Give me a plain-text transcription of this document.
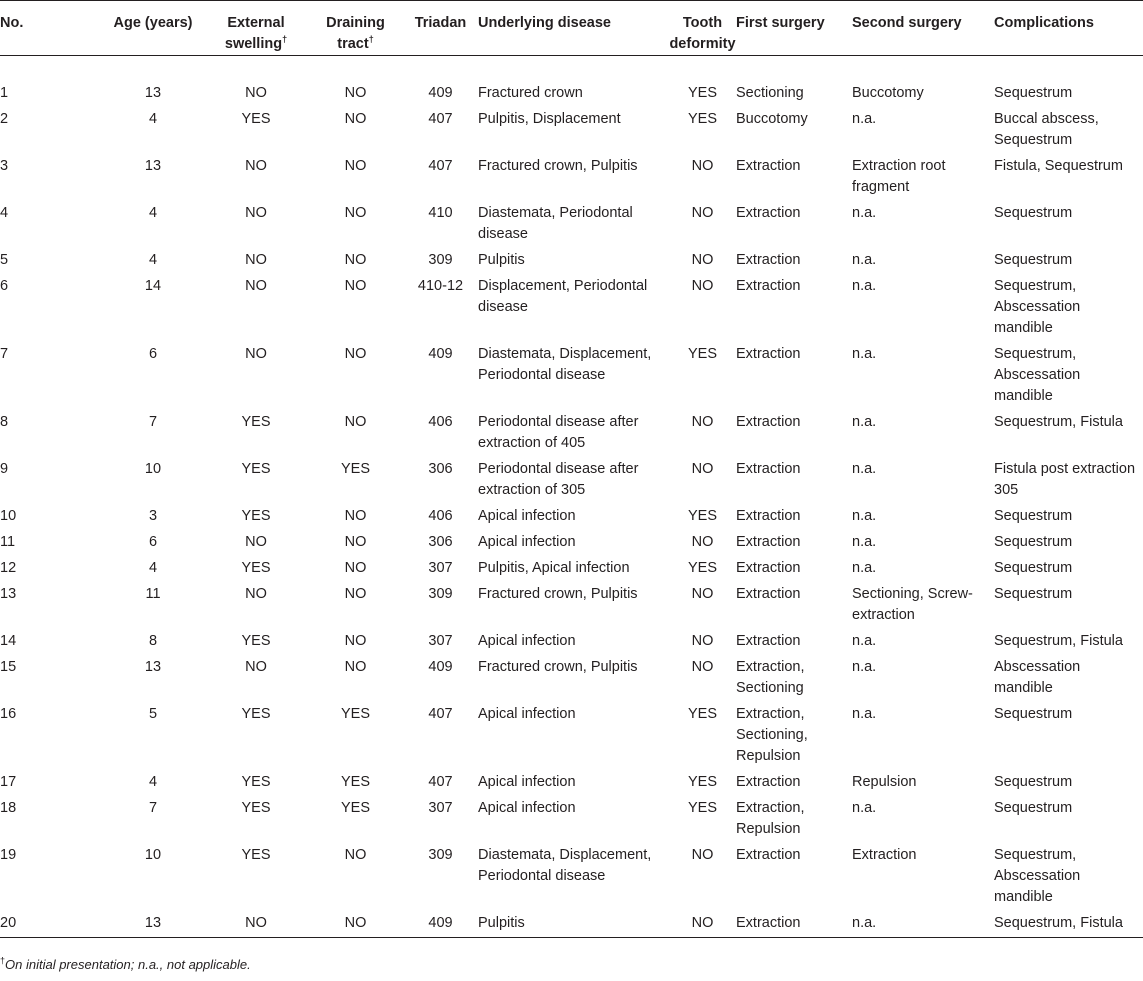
No.	Age (years)	External swelling†	Draining tract†	Triadan	Underlying disease	Tooth deformity	First surgery	Second surgery	Complications
1	13	NO	NO	409	Fractured crown	YES	Sectioning	Buccotomy	Sequestrum
2	4	YES	NO	407	Pulpitis, Displacement	YES	Buccotomy	n.a.	Buccal abscess, Sequestrum
3	13	NO	NO	407	Fractured crown, Pulpitis	NO	Extraction	Extraction root fragment	Fistula, Sequestrum
4	4	NO	NO	410	Diastemata, Periodontal disease	NO	Extraction	n.a.	Sequestrum
5	4	NO	NO	309	Pulpitis	NO	Extraction	n.a.	Sequestrum
6	14	NO	NO	410-12	Displacement, Periodontal disease	NO	Extraction	n.a.	Sequestrum, Abscessation mandible
7	6	NO	NO	409	Diastemata, Displacement, Periodontal disease	YES	Extraction	n.a.	Sequestrum, Abscessation mandible
8	7	YES	NO	406	Periodontal disease after extraction of 405	NO	Extraction	n.a.	Sequestrum, Fistula
9	10	YES	YES	306	Periodontal disease after extraction of 305	NO	Extraction	n.a.	Fistula post extraction 305
10	3	YES	NO	406	Apical infection	YES	Extraction	n.a.	Sequestrum
11	6	NO	NO	306	Apical infection	NO	Extraction	n.a.	Sequestrum
12	4	YES	NO	307	Pulpitis, Apical infection	YES	Extraction	n.a.	Sequestrum
13	11	NO	NO	309	Fractured crown, Pulpitis	NO	Extraction	Sectioning, Screw-extraction	Sequestrum
14	8	YES	NO	307	Apical infection	NO	Extraction	n.a.	Sequestrum, Fistula
15	13	NO	NO	409	Fractured crown, Pulpitis	NO	Extraction, Sectioning	n.a.	Abscessation mandible
16	5	YES	YES	407	Apical infection	YES	Extraction, Sectioning, Repulsion	n.a.	Sequestrum
17	4	YES	YES	407	Apical infection	YES	Extraction	Repulsion	Sequestrum
18	7	YES	YES	307	Apical infection	YES	Extraction, Repulsion	n.a.	Sequestrum
19	10	YES	NO	309	Diastemata, Displacement, Periodontal disease	NO	Extraction	Extraction	Sequestrum, Abscessation mandible
20	13	NO	NO	409	Pulpitis	NO	Extraction	n.a.	Sequestrum, Fistula
†On initial presentation; n.a., not applicable.
